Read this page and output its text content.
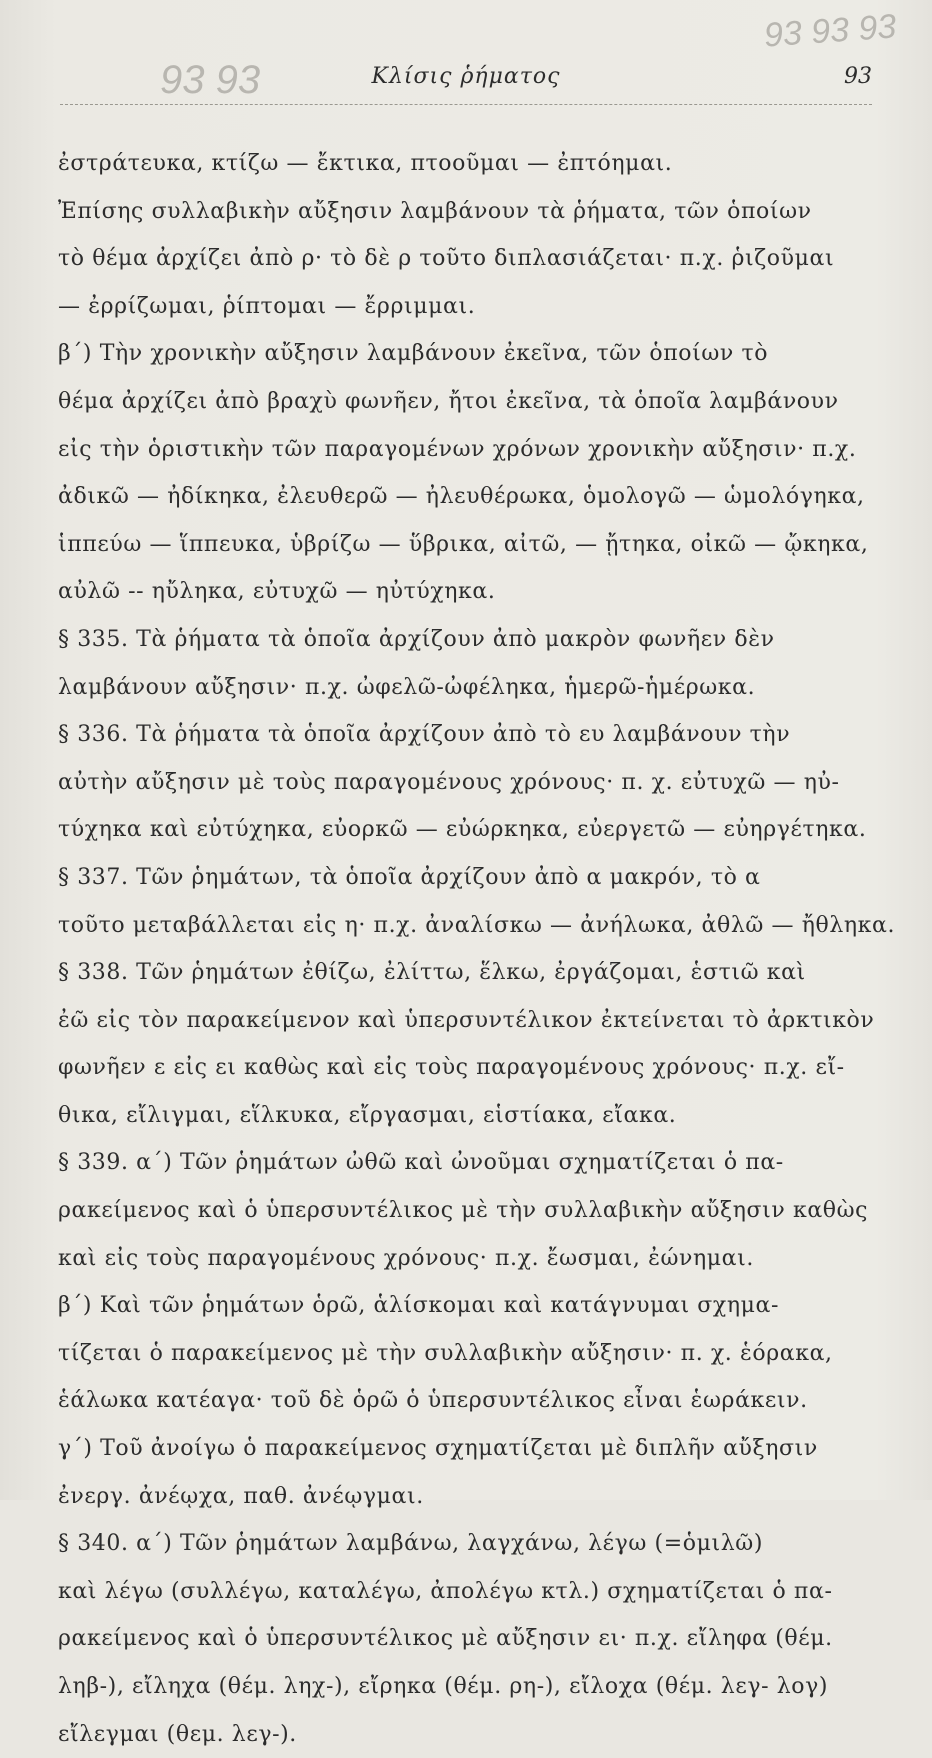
93 93 93
93 93	Κλίσις ῥήματος	93
ἐστράτευκα, κτίζω — ἔκτικα, πτοοῦμαι — ἐπτόημαι.
Ἐπίσης συλλαβικὴν αὔξησιν λαμβάνουν τὰ ῥήματα, τῶν ὁποίων
τὸ θέμα ἀρχίζει ἀπὸ ρ· τὸ δὲ ρ τοῦτο διπλασιάζεται· π.χ. ῥιζοῦμαι
— ἐρρίζωμαι, ῥίπτομαι — ἔρριμμαι.
β΄) Τὴν χρονικὴν αὔξησιν λαμβάνουν ἐκεῖνα, τῶν ὁποίων τὸ
θέμα ἀρχίζει ἀπὸ βραχὺ φωνῆεν, ἤτοι ἐκεῖνα, τὰ ὁποῖα λαμβάνουν
εἰς τὴν ὁριστικὴν τῶν παραγομένων χρόνων χρονικὴν αὔξησιν· π.χ.
ἀδικῶ — ἠδίκηκα, ἐλευθερῶ — ἠλευθέρωκα, ὁμολογῶ — ὡμολόγηκα,
ἱππεύω — ἵππευκα, ὑβρίζω — ὕβρικα, αἰτῶ, — ᾔτηκα, οἰκῶ — ᾤκηκα,
αὐλῶ -- ηὔληκα, εὐτυχῶ — ηὐτύχηκα.
§ 335. Τὰ ῥήματα τὰ ὁποῖα ἀρχίζουν ἀπὸ μακρὸν φωνῆεν δὲν
λαμβάνουν αὔξησιν· π.χ. ὠφελῶ-ὠφέληκα, ἡμερῶ-ἡμέρωκα.
§ 336. Τὰ ῥήματα τὰ ὁποῖα ἀρχίζουν ἀπὸ τὸ ευ λαμβάνουν τὴν
αὐτὴν αὔξησιν μὲ τοὺς παραγομένους χρόνους· π. χ. εὐτυχῶ — ηὐ-
τύχηκα καὶ εὐτύχηκα, εὐορκῶ — εὐώρκηκα, εὐεργετῶ — εὐηργέτηκα.
§ 337. Τῶν ῥημάτων, τὰ ὁποῖα ἀρχίζουν ἀπὸ α μακρόν, τὸ α
τοῦτο μεταβάλλεται εἰς η· π.χ. ἀναλίσκω — ἀνήλωκα, ἀθλῶ — ἤθληκα.
§ 338. Τῶν ῥημάτων ἐθίζω, ἐλίττω, ἕλκω, ἐργάζομαι, ἑστιῶ καὶ
ἐῶ εἰς τὸν παρακείμενον καὶ ὑπερσυντέλικον ἐκτείνεται τὸ ἀρκτικὸν
φωνῆεν ε εἰς ει καθὼς καὶ εἰς τοὺς παραγομένους χρόνους· π.χ. εἴ-
θικα, εἴλιγμαι, εἵλκυκα, εἴργασμαι, εἱστίακα, εἴακα.
§ 339. α΄) Τῶν ῥημάτων ὠθῶ καὶ ὠνοῦμαι σχηματίζεται ὁ πα-
ρακείμενος καὶ ὁ ὑπερσυντέλικος μὲ τὴν συλλαβικὴν αὔξησιν καθὼς
καὶ εἰς τοὺς παραγομένους χρόνους· π.χ. ἔωσμαι, ἐώνημαι.
β΄) Καὶ τῶν ῥημάτων ὁρῶ, ἁλίσκομαι καὶ κατάγνυμαι σχημα-
τίζεται ὁ παρακείμενος μὲ τὴν συλλαβικὴν αὔξησιν· π. χ. ἑόρακα,
ἑάλωκα κατέαγα· τοῦ δὲ ὁρῶ ὁ ὑπερσυντέλικος εἶναι ἑωράκειν.
γ΄) Τοῦ ἀνοίγω ὁ παρακείμενος σχηματίζεται μὲ διπλῆν αὔξησιν
ἐνεργ. ἀνέῳχα, παθ. ἀνέῳγμαι.
§ 340. α΄) Τῶν ῥημάτων λαμβάνω, λαγχάνω, λέγω (=ὁμιλῶ)
καὶ λέγω (συλλέγω, καταλέγω, ἀπολέγω κτλ.) σχηματίζεται ὁ πα-
ρακείμενος καὶ ὁ ὑπερσυντέλικος μὲ αὔξησιν ει· π.χ. εἴληφα (θέμ.
ληβ-), εἴληχα (θέμ. ληχ-), εἴρηκα (θέμ. ρη-), εἴλοχα (θέμ. λεγ- λογ)
εἴλεγμαι (θεμ. λεγ-).
